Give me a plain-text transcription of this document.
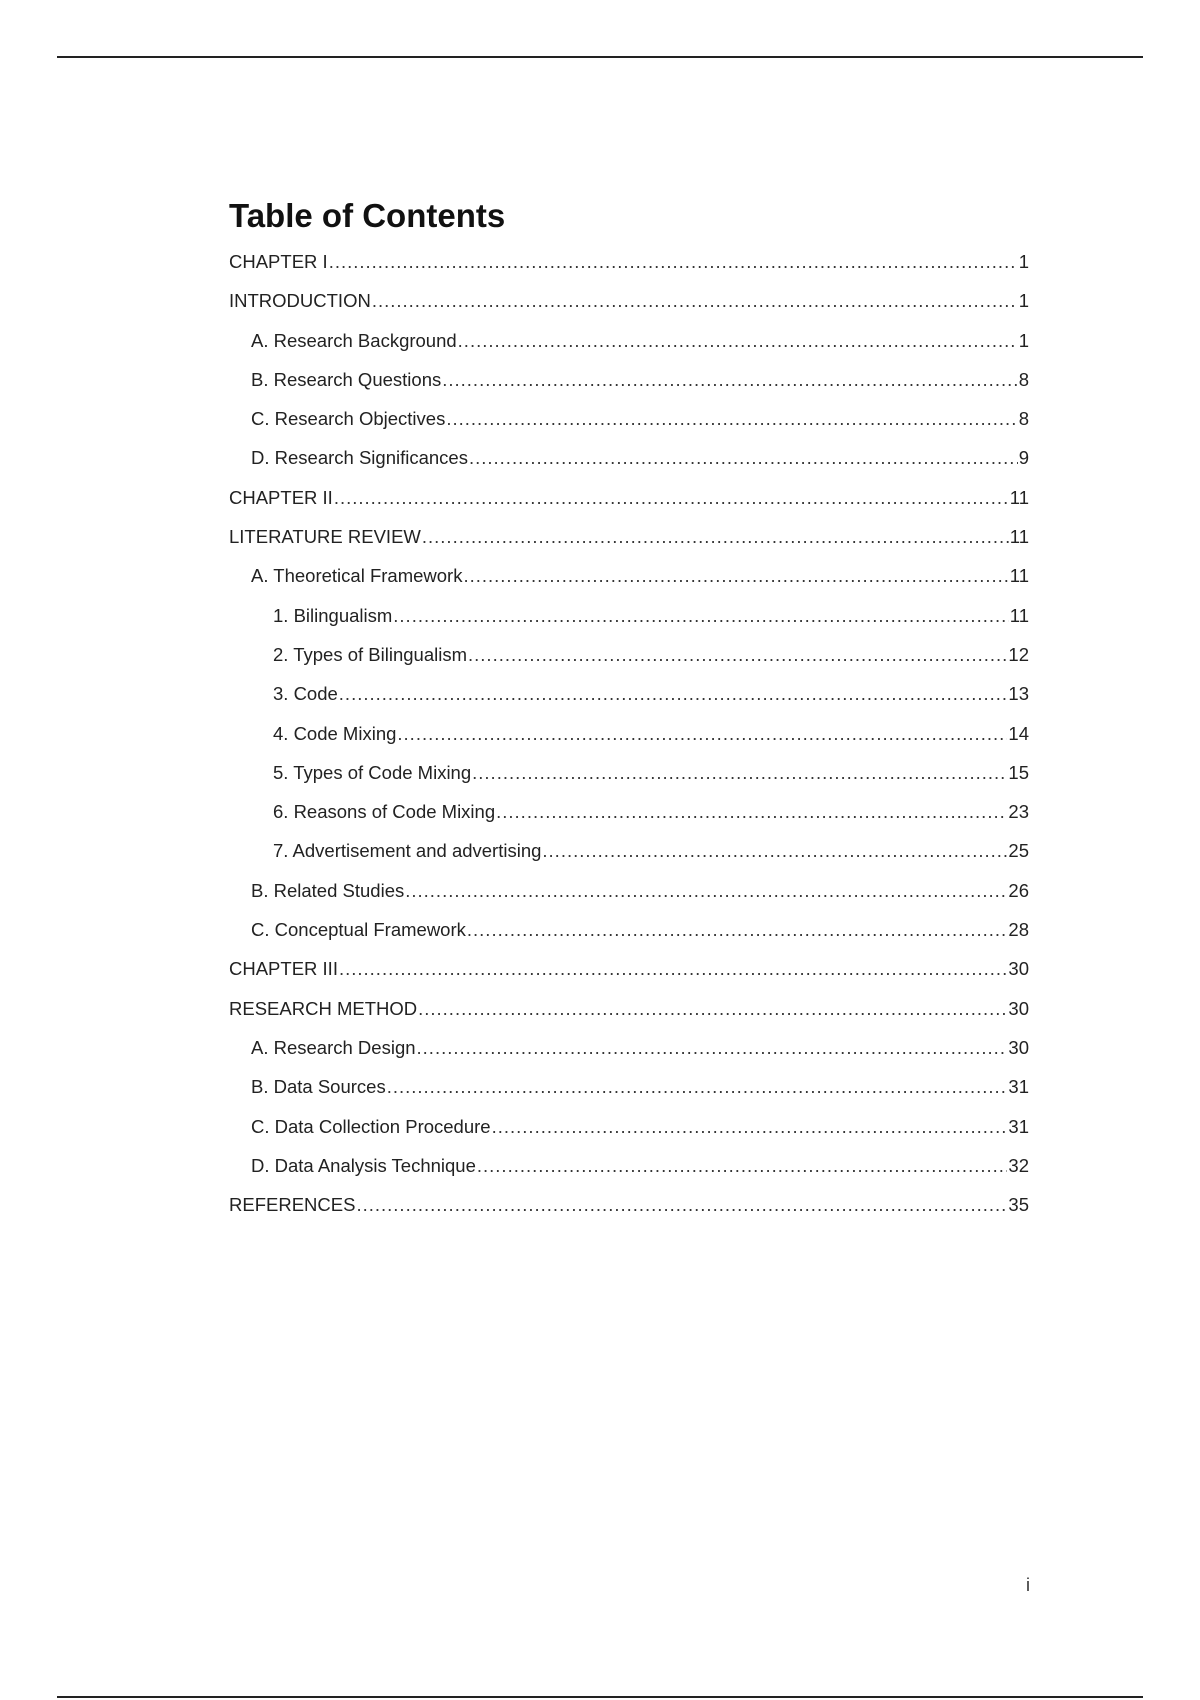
Table of Contents
CHAPTER I .....	1
INTRODUCTION .....	1
A. Research Background .....	1
B. Research Questions .....	8
C. Research Objectives .....	8
D. Research Significances .....	9
CHAPTER II .....	11
LITERATURE REVIEW .....	11
A. Theoretical Framework .....	11
1. Bilingualism .....	11
2. Types of Bilingualism .....	12
3. Code .....	13
4. Code Mixing .....	14
5. Types of Code Mixing .....	15
6. Reasons of Code Mixing .....	23
7. Advertisement and advertising .....	25
B. Related Studies .....	26
C. Conceptual Framework .....	28
CHAPTER III .....	30
RESEARCH METHOD .....	30
A. Research Design .....	30
B. Data Sources .....	31
C. Data Collection Procedure .....	31
D. Data Analysis Technique .....	32
REFERENCES .....	35
i
